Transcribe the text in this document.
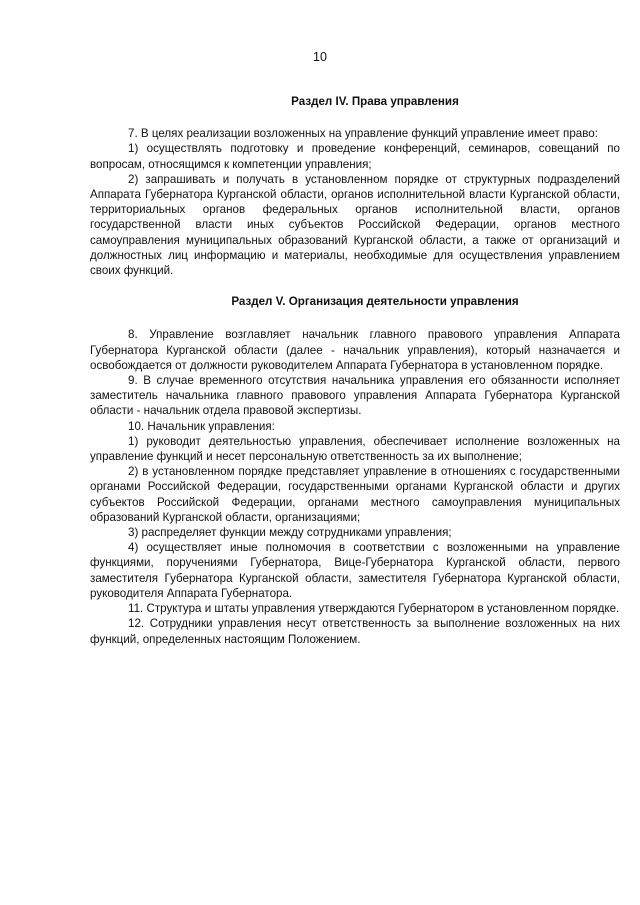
10
Раздел IV. Права управления

7. В целях реализации возложенных на управление функций управление имеет право:

1) осуществлять подготовку и проведение конференций, семинаров, совещаний по вопросам, относящимся к компетенции управления;

2) запрашивать и получать в установленном порядке от структурных подразделений Аппарата Губернатора Курганской области, органов исполнительной власти Курганской области, территориальных органов федеральных органов исполнительной власти, органов государственной власти иных субъектов Российской Федерации, органов местного самоуправления муниципальных образований Курганской области, а также от организаций и должностных лиц информацию и материалы, необходимые для осуществления управлением своих функций.

Раздел V. Организация деятельности управления

8. Управление возглавляет начальник главного правового управления Аппарата Губернатора Курганской области (далее - начальник управления), который назначается и освобождается от должности руководителем Аппарата Губернатора в установленном порядке.

9. В случае временного отсутствия начальника управления его обязанности исполняет заместитель начальника главного правового управления Аппарата Губернатора Курганской области - начальник отдела правовой экспертизы.

10. Начальник управления:

1) руководит деятельностью управления, обеспечивает исполнение возложенных на управление функций и несет персональную ответственность за их выполнение;

2) в установленном порядке представляет управление в отношениях с государственными органами Российской Федерации, государственными органами Курганской области и других субъектов Российской Федерации, органами местного самоуправления муниципальных образований Курганской области, организациями;

3) распределяет функции между сотрудниками управления;

4) осуществляет иные полномочия в соответствии с возложенными на управление функциями, поручениями Губернатора, Вице-Губернатора Курганской области, первого заместителя Губернатора Курганской области, заместителя Губернатора Курганской области, руководителя Аппарата Губернатора.

11. Структура и штаты управления утверждаются Губернатором в установленном порядке.

12. Сотрудники управления несут ответственность за выполнение возложенных на них функций, определенных настоящим Положением.
